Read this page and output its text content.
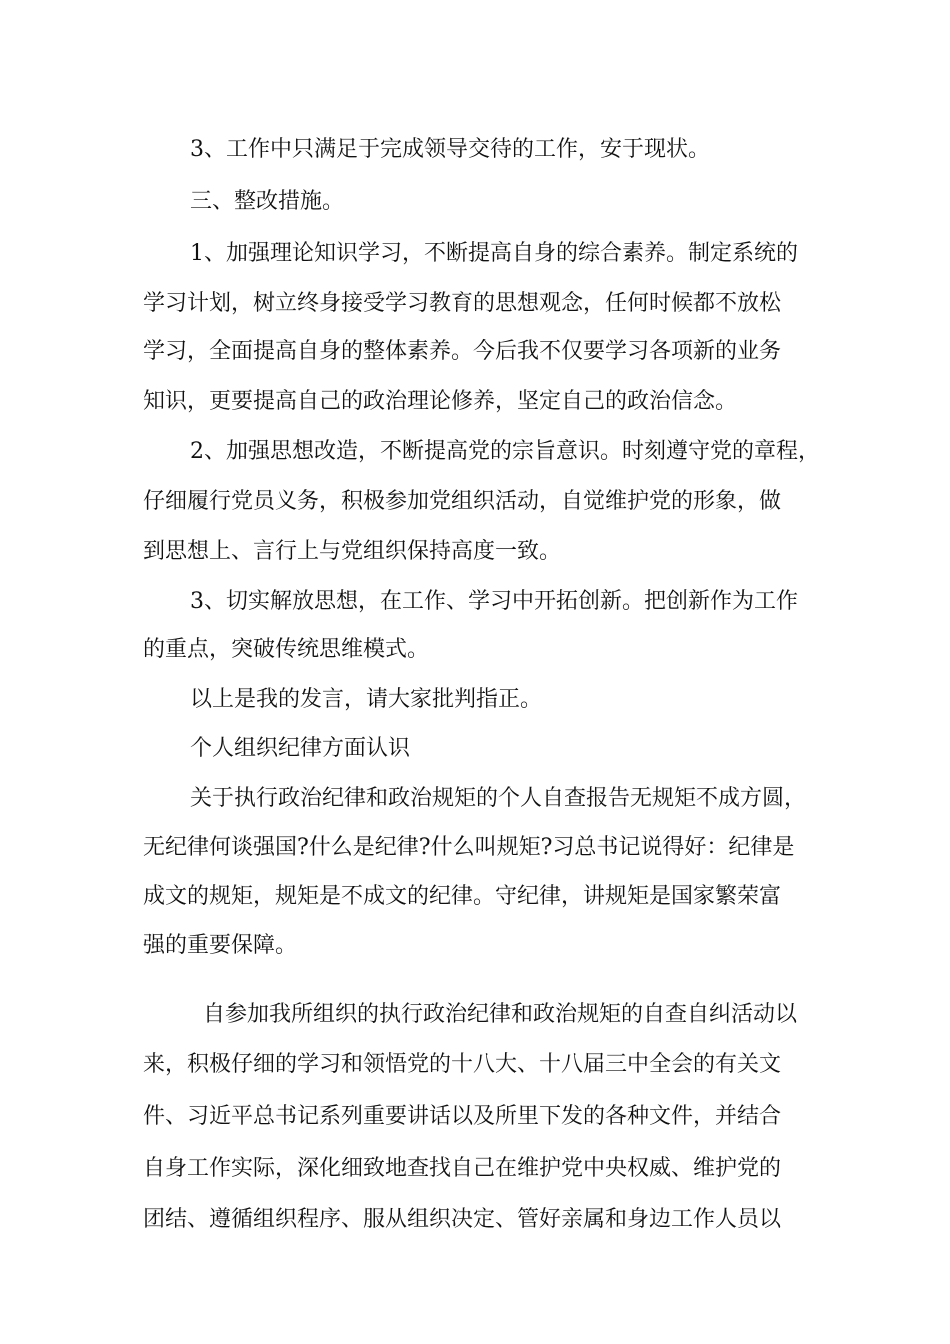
3、工作中只满足于完成领导交待的工作，安于现状。
三、整改措施。
1、加强理论知识学习，不断提高自身的综合素养。制定系统的
学习计划，树立终身接受学习教育的思想观念，任何时候都不放松
学习，全面提高自身的整体素养。今后我不仅要学习各项新的业务
知识，更要提高自己的政治理论修养，坚定自己的政治信念。
2、加强思想改造，不断提高党的宗旨意识。时刻遵守党的章程，
仔细履行党员义务，积极参加党组织活动，自觉维护党的形象，做
到思想上、言行上与党组织保持高度一致。
3、切实解放思想，在工作、学习中开拓创新。把创新作为工作
的重点，突破传统思维模式。
以上是我的发言，请大家批判指正。
个人组织纪律方面认识
关于执行政治纪律和政治规矩的个人自查报告无规矩不成方圆，
无纪律何谈强国?什么是纪律?什么叫规矩?习总书记说得好：纪律是
成文的规矩，规矩是不成文的纪律。守纪律，讲规矩是国家繁荣富
强的重要保障。
自参加我所组织的执行政治纪律和政治规矩的自查自纠活动以
来，积极仔细的学习和领悟党的十八大、十八届三中全会的有关文
件、习近平总书记系列重要讲话以及所里下发的各种文件，并结合
自身工作实际，深化细致地查找自己在维护党中央权威、维护党的
团结、遵循组织程序、服从组织决定、管好亲属和身边工作人员以
